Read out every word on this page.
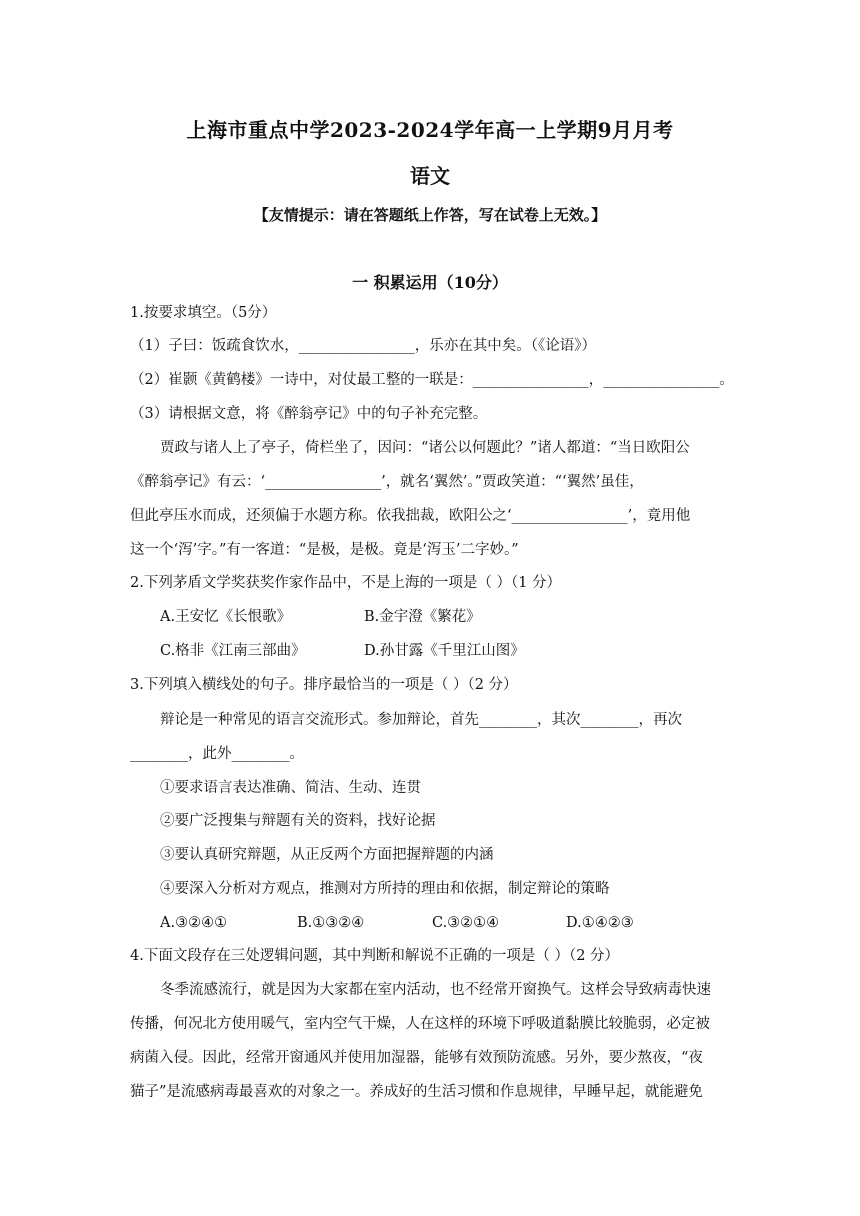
上海市重点中学2023-2024学年高一上学期9月月考
语文
【友情提示：请在答题纸上作答，写在试卷上无效。】
一 积累运用（10分）
1.按要求填空。（5分）
（1）子曰：饭疏食饮水，________________，乐亦在其中矣。（《论语》）
（2）崔颢《黄鹤楼》一诗中，对仗最工整的一联是：________________，________________。
（3）请根据文意，将《醉翁亭记》中的句子补充完整。
贾政与诸人上了亭子，倚栏坐了，因问：“诸公以何题此？”诸人都道：“当日欧阳公
《醉翁亭记》有云：‘________________’，就名‘翼然’。”贾政笑道：“‘翼然’虽佳，
但此亭压水而成，还须偏于水题方称。依我拙裁，欧阳公之‘________________’，竟用他
这一个‘泻’字。”有一客道：“是极，是极。竟是‘泻玉’二字妙。”
2.下列茅盾文学奖获奖作家作品中，不是上海的一项是（ ）（1 分）
A.王安忆《长恨歌》	B.金宇澄《繁花》
C.格非《江南三部曲》	D.孙甘露《千里江山图》
3.下列填入横线处的句子。排序最恰当的一项是（ ）（2 分）
辩论是一种常见的语言交流形式。参加辩论，首先________，其次________，再次
________，此外________。
①要求语言表达准确、简洁、生动、连贯
②要广泛搜集与辩题有关的资料，找好论据
③要认真研究辩题，从正反两个方面把握辩题的内涵
④要深入分析对方观点，推测对方所持的理由和依据，制定辩论的策略
A.③②④①	B.①③②④	C.③②①④	D.①④②③
4.下面文段存在三处逻辑问题，其中判断和解说不正确的一项是（ ）（2 分）
冬季流感流行，就是因为大家都在室内活动，也不经常开窗换气。这样会导致病毒快速
传播，何况北方使用暖气，室内空气干燥，人在这样的环境下呼吸道黏膜比较脆弱，必定被
病菌入侵。因此，经常开窗通风并使用加湿器，能够有效预防流感。另外，要少熬夜，“夜
猫子”是流感病毒最喜欢的对象之一。养成好的生活习惯和作息规律，早睡早起，就能避免
